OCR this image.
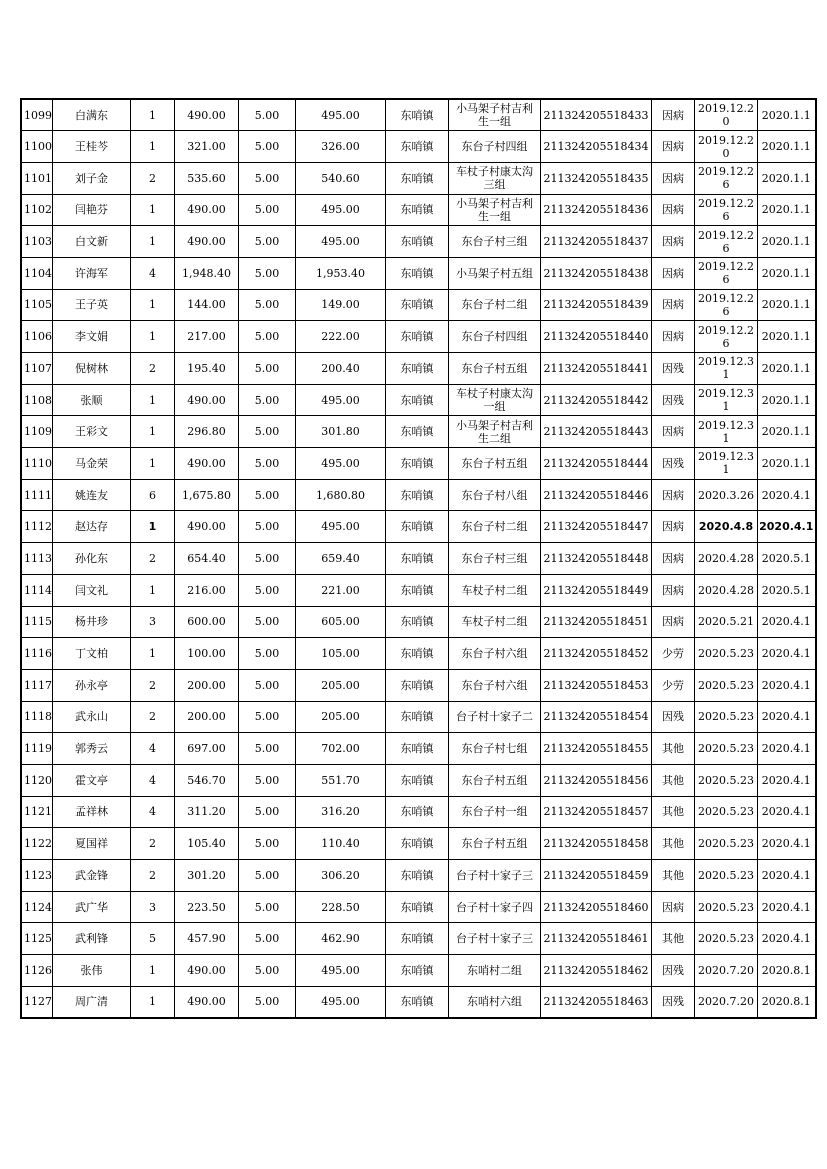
1099	白满东	1	490.00	5.00	495.00	东哨镇	小马架子村吉利生一组	211324205518433	因病	2019.12.20	2020.1.1
1100	王桂芩	1	321.00	5.00	326.00	东哨镇	东台子村四组	211324205518434	因病	2019.12.20	2020.1.1
1101	刘子金	2	535.60	5.00	540.60	东哨镇	车杖子村康太沟三组	211324205518435	因病	2019.12.26	2020.1.1
1102	闫艳芬	1	490.00	5.00	495.00	东哨镇	小马架子村吉利生一组	211324205518436	因病	2019.12.26	2020.1.1
1103	白文新	1	490.00	5.00	495.00	东哨镇	东台子村三组	211324205518437	因病	2019.12.26	2020.1.1
1104	许海军	4	1,948.40	5.00	1,953.40	东哨镇	小马架子村五组	211324205518438	因病	2019.12.26	2020.1.1
1105	王子英	1	144.00	5.00	149.00	东哨镇	东台子村二组	211324205518439	因病	2019.12.26	2020.1.1
1106	李文娟	1	217.00	5.00	222.00	东哨镇	东台子村四组	211324205518440	因病	2019.12.26	2020.1.1
1107	倪树林	2	195.40	5.00	200.40	东哨镇	东台子村五组	211324205518441	因残	2019.12.31	2020.1.1
1108	张顺	1	490.00	5.00	495.00	东哨镇	车杖子村康太沟一组	211324205518442	因残	2019.12.31	2020.1.1
1109	王彩文	1	296.80	5.00	301.80	东哨镇	小马架子村吉利生二组	211324205518443	因病	2019.12.31	2020.1.1
1110	马金荣	1	490.00	5.00	495.00	东哨镇	东台子村五组	211324205518444	因残	2019.12.31	2020.1.1
1111	姚连友	6	1,675.80	5.00	1,680.80	东哨镇	东台子村八组	211324205518446	因病	2020.3.26	2020.4.1
1112	赵达存	1	490.00	5.00	495.00	东哨镇	东台子村二组	211324205518447	因病	2020.4.8	2020.4.1
1113	孙化东	2	654.40	5.00	659.40	东哨镇	东台子村三组	211324205518448	因病	2020.4.28	2020.5.1
1114	闫文礼	1	216.00	5.00	221.00	东哨镇	车杖子村二组	211324205518449	因病	2020.4.28	2020.5.1
1115	杨井珍	3	600.00	5.00	605.00	东哨镇	车杖子村二组	211324205518451	因病	2020.5.21	2020.4.1
1116	丁文柏	1	100.00	5.00	105.00	东哨镇	东台子村六组	211324205518452	少劳	2020.5.23	2020.4.1
1117	孙永亭	2	200.00	5.00	205.00	东哨镇	东台子村六组	211324205518453	少劳	2020.5.23	2020.4.1
1118	武永山	2	200.00	5.00	205.00	东哨镇	台子村十家子二	211324205518454	因残	2020.5.23	2020.4.1
1119	郭秀云	4	697.00	5.00	702.00	东哨镇	东台子村七组	211324205518455	其他	2020.5.23	2020.4.1
1120	霍文亭	4	546.70	5.00	551.70	东哨镇	东台子村五组	211324205518456	其他	2020.5.23	2020.4.1
1121	孟祥林	4	311.20	5.00	316.20	东哨镇	东台子村一组	211324205518457	其他	2020.5.23	2020.4.1
1122	夏国祥	2	105.40	5.00	110.40	东哨镇	东台子村五组	211324205518458	其他	2020.5.23	2020.4.1
1123	武金锋	2	301.20	5.00	306.20	东哨镇	台子村十家子三	211324205518459	其他	2020.5.23	2020.4.1
1124	武广华	3	223.50	5.00	228.50	东哨镇	台子村十家子四	211324205518460	因病	2020.5.23	2020.4.1
1125	武利锋	5	457.90	5.00	462.90	东哨镇	台子村十家子三	211324205518461	其他	2020.5.23	2020.4.1
1126	张伟	1	490.00	5.00	495.00	东哨镇	东哨村二组	211324205518462	因残	2020.7.20	2020.8.1
1127	周广清	1	490.00	5.00	495.00	东哨镇	东哨村六组	211324205518463	因残	2020.7.20	2020.8.1
